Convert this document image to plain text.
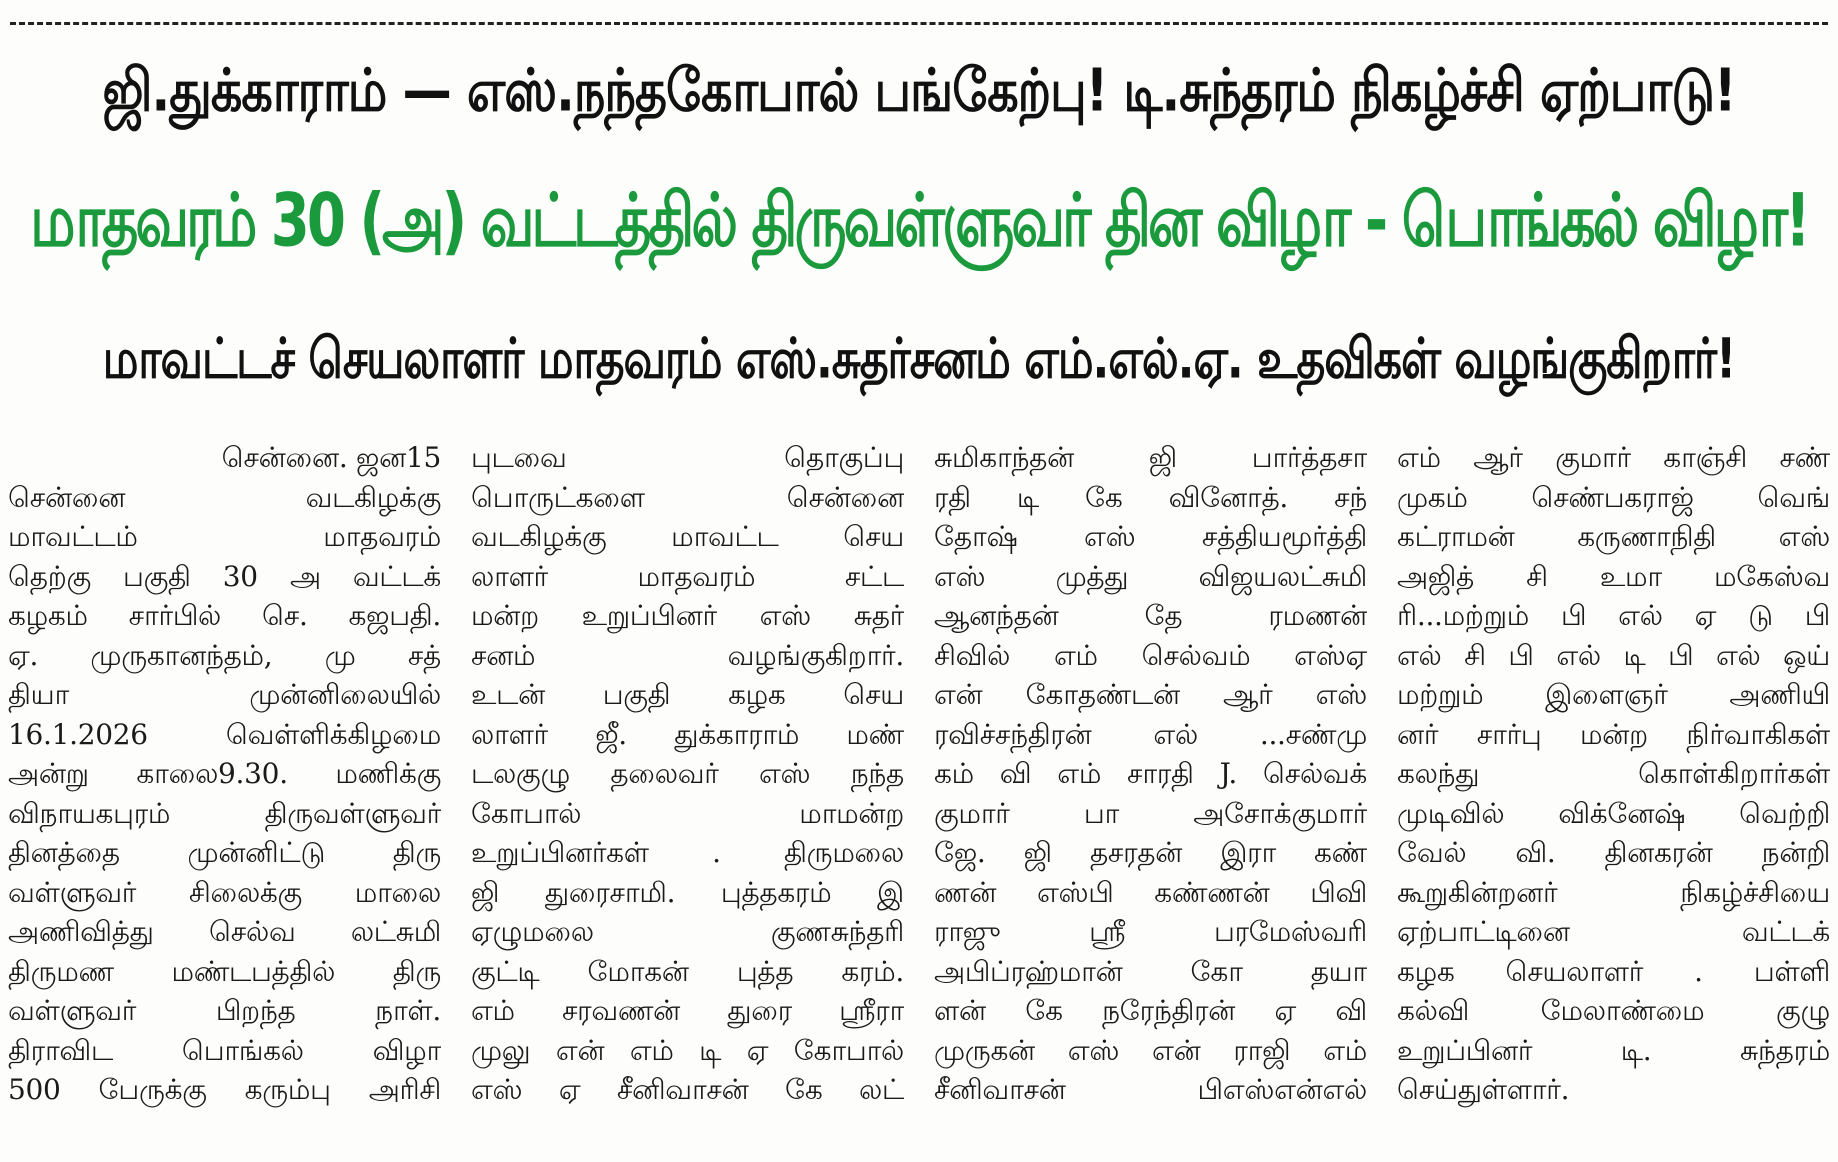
ஜி.துக்காராம் — எஸ்.நந்தகோபால் பங்கேற்பு! டி.சுந்தரம் நிகழ்ச்சி ஏற்பாடு!
மாதவரம் 30 (அ) வட்டத்தில் திருவள்ளுவர் தின விழா - பொங்கல் விழா!
மாவட்டச் செயலாளர் மாதவரம் எஸ்.சுதர்சனம் எம்.எல்.ஏ. உதவிகள் வழங்குகிறார்!
சென்னை. ஜன15
சென்னை வடகிழக்கு
மாவட்டம் மாதவரம்
தெற்கு பகுதி 30 அ வட்டக்
கழகம் சார்பில் செ. கஜபதி.
ஏ. முருகானந்தம், மு சத்
தியா முன்னிலையில்
16.1.2026 வெள்ளிக்கிழமை
அன்று காலை9.30. மணிக்கு
விநாயகபுரம் திருவள்ளுவர்
தினத்தை முன்னிட்டு திரு
வள்ளுவர் சிலைக்கு மாலை
அணிவித்து செல்வ லட்சுமி
திருமண மண்டபத்தில் திரு
வள்ளுவர் பிறந்த நாள்.
திராவிட பொங்கல் விழா
500 பேருக்கு கரும்பு அரிசி
புடவை தொகுப்பு
பொருட்களை சென்னை
வடகிழக்கு மாவட்ட செய
லாளர் மாதவரம் சட்ட
மன்ற உறுப்பினர் எஸ் சுதர்
சனம் வழங்குகிறார்.
உடன் பகுதி கழக செய
லாளர் ஜீ. துக்காராம் மண்
டலகுழு தலைவர் எஸ் நந்த
கோபால் மாமன்ற
உறுப்பினர்கள் . திருமலை
ஜி துரைசாமி. புத்தகரம் இ
ஏழுமலை குணசுந்தரி
குட்டி மோகன் புத்த கரம்.
எம் சரவணன் துரை ஸ்ரீரா
முலு என் எம் டி ஏ கோபால்
எஸ் ஏ சீனிவாசன் கே லட்
சுமிகாந்தன் ஜி பார்த்தசா
ரதி டி கே வினோத். சந்
தோஷ் எஸ் சத்தியமூர்த்தி
எஸ் முத்து விஜயலட்சுமி
ஆனந்தன் தே ரமணன்
சிவில் எம் செல்வம் எஸ்ஏ
என் கோதண்டன் ஆர் எஸ்
ரவிச்சந்திரன் எல் ...சண்மு
கம் வி எம் சாரதி J. செல்வக்
குமார் பா அசோக்குமார்
ஜே. ஜி தசரதன் இரா கண்
ணன் எஸ்பி கண்ணன் பிவி
ராஜு ஸ்ரீ பரமேஸ்வரி
அபிப்ரஹ்மான் கோ தயா
ளன் கே நரேந்திரன் ஏ வி
முருகன் எஸ் என் ராஜி எம்
சீனிவாசன் பிஎஸ்என்எல்
எம் ஆர் குமார் காஞ்சி சண்
முகம் செண்பகராஜ் வெங்
கட்ராமன் கருணாநிதி எஸ்
அஜித் சி உமா மகேஸ்வ
ரி...மற்றும் பி எல் ஏ டு பி
எல் சி பி எல் டி பி எல் ஒய்
மற்றும் இளைஞர் அணியி
னர் சார்பு மன்ற நிர்வாகிகள்
கலந்து கொள்கிறார்கள்
முடிவில் விக்னேஷ் வெற்றி
வேல் வி. தினகரன் நன்றி
கூறுகின்றனர் நிகழ்ச்சியை
ஏற்பாட்டினை வட்டக்
கழக செயலாளர் . பள்ளி
கல்வி மேலாண்மை குழு
உறுப்பினர் டி. சுந்தரம்
செய்துள்ளார்.
